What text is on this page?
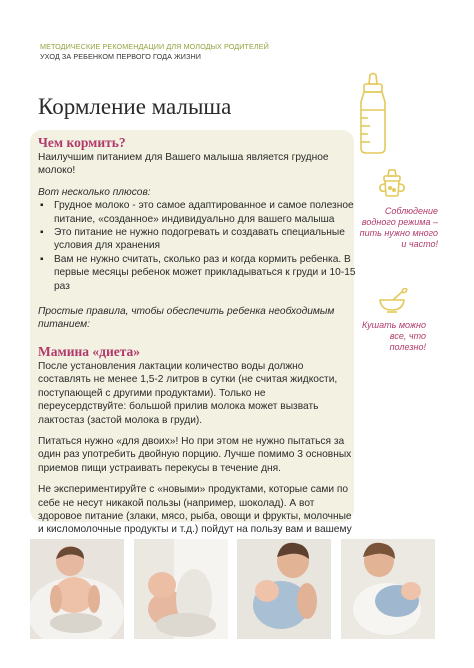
МЕТОДИЧЕСКИЕ РЕКОМЕНДАЦИИ ДЛЯ МОЛОДЫХ РОДИТЕЛЕЙ
УХОД ЗА РЕБЕНКОМ ПЕРВОГО ГОДА ЖИЗНИ
Кормление малыша
Чем кормить?

Наилучшим питанием для Вашего малыша является грудное молоко!

Вот несколько плюсов:

▪ Грудное молоко - это самое адаптированное и самое полезное питание, «созданное» индивидуально для вашего малыша
▪ Это питание не нужно подогревать и создавать специальные условия для хранения
▪ Вам не нужно считать, сколько раз и когда кормить ребенка. В первые месяцы ребенок может прикладываться к груди и 10-15 раз

Простые правила, чтобы обеспечить ребенка необходимым питанием:

Мамина «диета»

После установления лактации количество воды должно составлять не менее 1,5-2 литров в сутки (не считая жидкости, поступающей с другими продуктами). Только не переусердствуйте: большой прилив молока может вызвать лактостаз (застой молока в груди).

Питаться нужно «для двоих»! Но при этом не нужно пытаться за один раз употребить двойную порцию. Лучше помимо 3 основных приемов пищи устраивать перекусы в течение дня.

Не экспериментируйте с «новыми» продуктами, которые сами по себе не несут никакой пользы (например, шоколад). А вот здоровое питание (злаки, мясо, рыба, овощи и фрукты, молочные и кисломолочные продукты и т.д.) пойдут на пользу вам и вашему

Соблюдение водного режима – пить нужно много и часто!
Кушать можно все, что полезно!
